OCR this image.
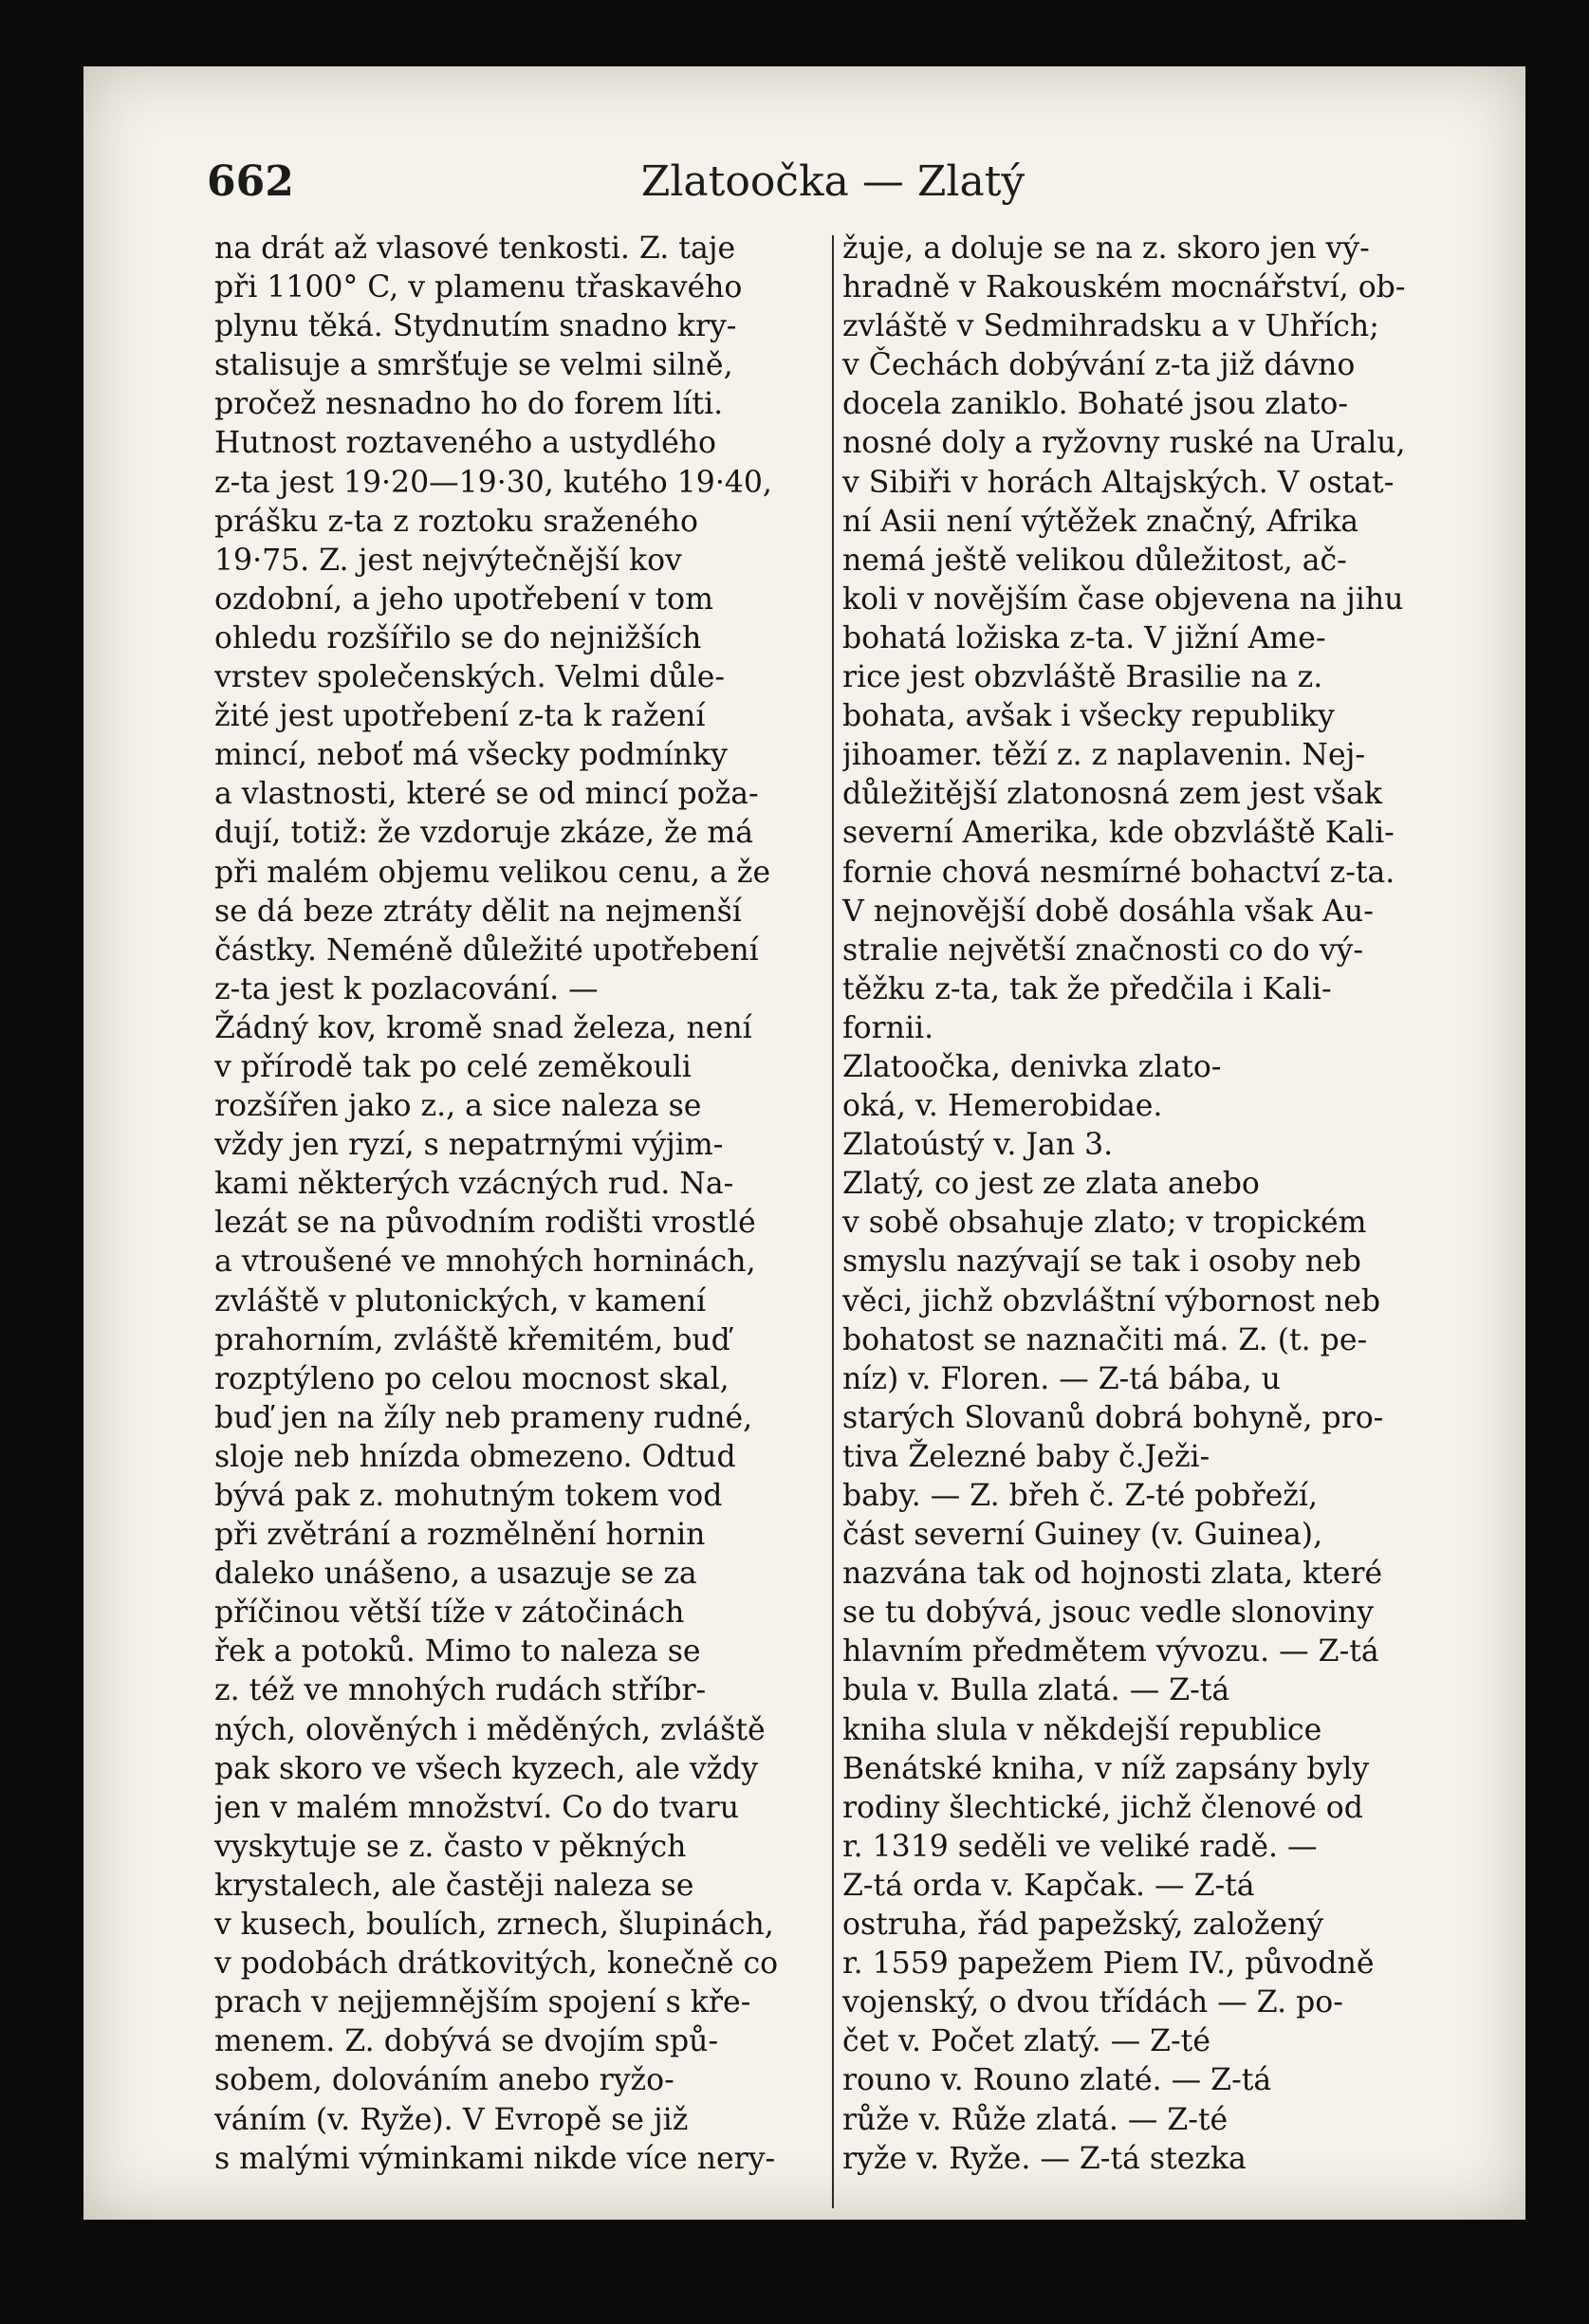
662	Zlatoočka — Zlatý
na drát až vlasové tenkosti. Z. taje
při 1100° C, v plamenu třaskavého
plynu těká. Stydnutím snadno kry-
stalisuje a smršťuje se velmi silně,
pročež nesnadno ho do forem líti.
Hutnost roztaveného a ustydlého
z-ta jest 19·20—19·30, kutého 19·40,
prášku z-ta z roztoku sraženého
19·75. Z. jest nejvýtečnější kov
ozdobní, a jeho upotřebení v tom
ohledu rozšířilo se do nejnižších
vrstev společenských. Velmi důle-
žité jest upotřebení z-ta k ražení
mincí, neboť má všecky podmínky
a vlastnosti, které se od mincí poža-
dují, totiž: že vzdoruje zkáze, že má
při malém objemu velikou cenu, a že
se dá beze ztráty dělit na nejmenší
částky. Neméně důležité upotřebení
z-ta jest k pozlacování. —
Žádný kov, kromě snad železa, není
v přírodě tak po celé zeměkouli
rozšířen jako z., a sice naleza se
vždy jen ryzí, s nepatrnými výjim-
kami některých vzácných rud. Na-
lezát se na původním rodišti vrostlé
a vtroušené ve mnohých horninách,
zvláště v plutonických, v kamení
prahorním, zvláště křemitém, buď
rozptýleno po celou mocnost skal,
buď jen na žíly neb prameny rudné,
sloje neb hnízda obmezeno. Odtud
bývá pak z. mohutným tokem vod
při zvětrání a rozmělnění hornin
daleko unášeno, a usazuje se za
příčinou větší tíže v zátočinách
řek a potoků. Mimo to naleza se
z. též ve mnohých rudách stříbr-
ných, olověných i měděných, zvláště
pak skoro ve všech kyzech, ale vždy
jen v malém množství. Co do tvaru
vyskytuje se z. často v pěkných
krystalech, ale častěji naleza se
v kusech, boulích, zrnech, šlupinách,
v podobách drátkovitých, konečně co
prach v nejjemnějším spojení s kře-
menem. Z. dobývá se dvojím spů-
sobem, dolováním anebo ryžo-
váním (v. Ryže). V Evropě se již
s malými výminkami nikde více nery-
žuje, a doluje se na z. skoro jen vý-
hradně v Rakouském mocnářství, ob-
zvláště v Sedmihradsku a v Uhřích;
v Čechách dobývání z-ta již dávno
docela zaniklo. Bohaté jsou zlato-
nosné doly a ryžovny ruské na Uralu,
v Sibiři v horách Altajských. V ostat-
ní Asii není výtěžek značný, Afrika
nemá ještě velikou důležitost, ač-
koli v novějším čase objevena na jihu
bohatá ložiska z-ta. V jižní Ame-
rice jest obzvláště Brasilie na z.
bohata, avšak i všecky republiky
jihoamer. těží z. z naplavenin. Nej-
důležitější zlatonosná zem jest však
severní Amerika, kde obzvláště Kali-
fornie chová nesmírné bohactví z-ta.
V nejnovější době dosáhla však Au-
stralie největší značnosti co do vý-
těžku z-ta, tak že předčila i Kali-
fornii.
Zlatoočka, denivka zlato-
oká, v. Hemerobidae.
Zlatoústý v. Jan 3.
Zlatý, co jest ze zlata anebo
v sobě obsahuje zlato; v tropickém
smyslu nazývají se tak i osoby neb
věci, jichž obzvláštní výbornost neb
bohatost se naznačiti má. Z. (t. pe-
níz) v. Floren. — Z-tá bába, u
starých Slovanů dobrá bohyně, pro-
tiva Železné baby č.Ježi-
baby. — Z. břeh č. Z-té pobřeží,
část severní Guiney (v. Guinea),
nazvána tak od hojnosti zlata, které
se tu dobývá, jsouc vedle slonoviny
hlavním předmětem vývozu. — Z-tá
bula v. Bulla zlatá. — Z-tá
kniha slula v někdejší republice
Benátské kniha, v níž zapsány byly
rodiny šlechtické, jichž členové od
r. 1319 seděli ve veliké radě. —
Z-tá orda v. Kapčak. — Z-tá
ostruha, řád papežský, založený
r. 1559 papežem Piem IV., původně
vojenský, o dvou třídách — Z. po-
čet v. Počet zlatý. — Z-té
rouno v. Rouno zlaté. — Z-tá
růže v. Růže zlatá. — Z-té
ryže v. Ryže. — Z-tá stezka
